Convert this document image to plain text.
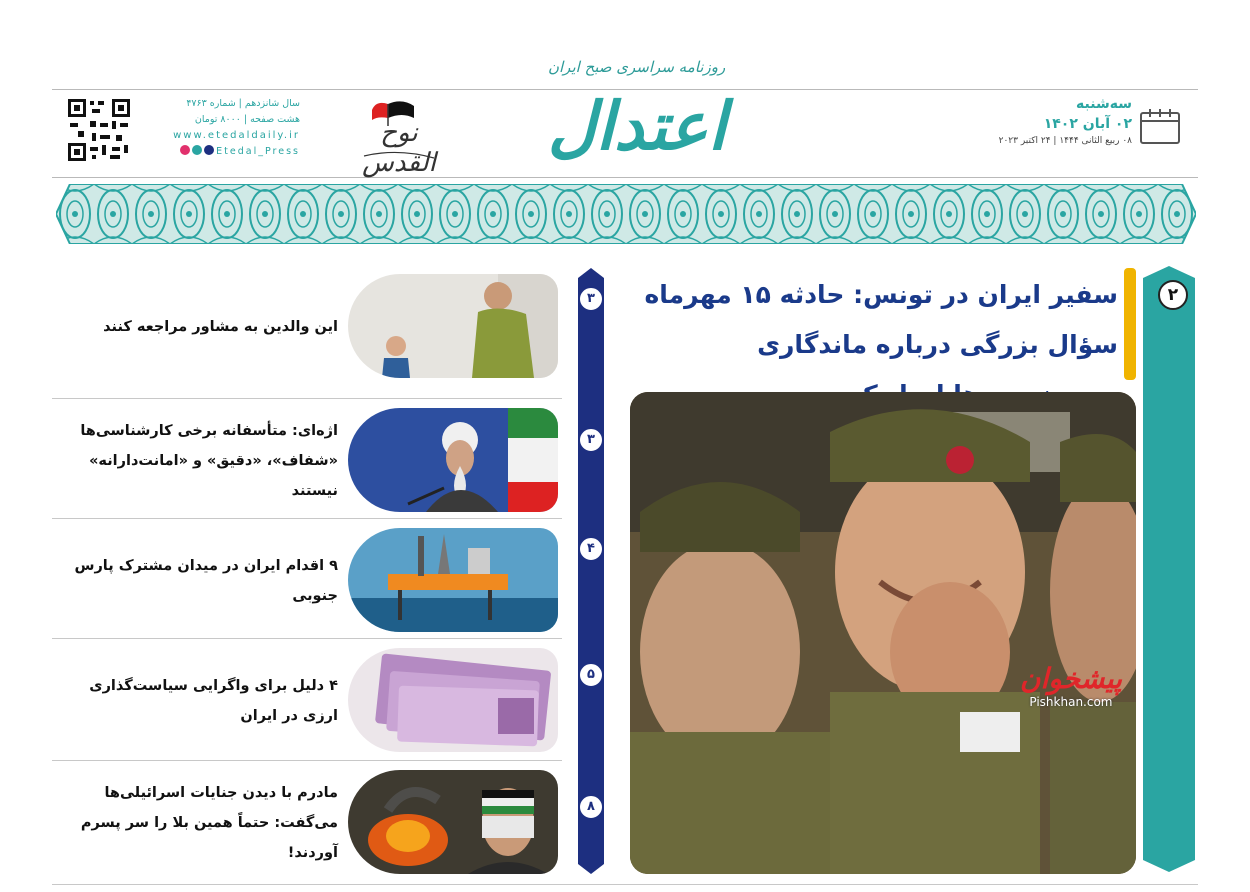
روزنامه سراسری صبح ایران
اعتدال
نوح القدس
سه‌شنبه
۰۲ آبان ۱۴۰۲
۰۸ ربیع الثانی ۱۴۴۴ | ۲۴ اکتبر ۲۰۲۳
سال شانزدهم | شماره ۴۷۶۳
هشت صفحه | ۸۰۰۰ تومان
www.etedaldaily.ir
Etedal_Press
۲
سفیر ایران در تونس: حادثه ۱۵ مهرماه سؤال بزرگی درباره ماندگاری
پیشخوان
Pishkhan.com
۳
۳
۴
۵
۸
این والدین به مشاور مراجعه کنند
اژه‌ای: متأسفانه برخی کارشناسی‌ها «شفاف»، «دقیق» و «امانت‌دارانه» نیستند
۹ اقدام ایران در میدان مشترک پارس جنوبی
۴ دلیل برای واگرایی سیاست‌گذاری ارزی در ایران
مادرم با دیدن جنایات اسرائیلی‌ها می‌گفت: حتماً همین بلا را سر پسرم آوردند!
